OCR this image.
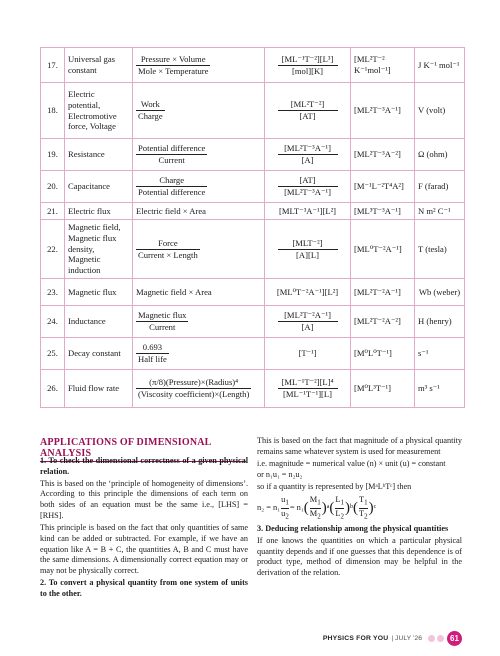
17.	Universal gas constant	$\frac{\text{Pressure × Volume}}{\text{Mole × Temperature}}$	$\frac{\text{[ML⁻¹T⁻²][L³]}}{\text{[mol][K]}}$	[ML²T⁻² K⁻¹mol⁻¹]	J K⁻¹ mol⁻¹
18.	Electric potential, Electromotive force, Voltage	$\frac{\text{Work}}{\text{Charge}}$	$\frac{\text{[ML²T⁻²]}}{[AT]}$	[ML²T⁻³A⁻¹]	V (volt)
19.	Resistance	$\frac{\text{Potential difference}}{\text{Current}}$	$\frac{\text{[ML²T⁻³A⁻¹]}}{[A]}$	[ML²T⁻³A⁻²]	Ω (ohm)
20.	Capacitance	$\frac{\text{Charge}}{\text{Potential difference}}$	$\frac{[AT]}{\text{[ML²T⁻³A⁻¹]}}$	[M⁻¹L⁻²T⁴A²]	F (farad)
21.	Electric flux	Electric field × Area	[MLT⁻³A⁻¹][L²]	[ML³T⁻³A⁻¹]	N m² C⁻¹
22.	Magnetic field, Magnetic flux density, Magnetic induction	$\frac{\text{Force}}{\text{Current × Length}}$	$\frac{\text{[MLT⁻²]}}{[A][L]}$	[ML⁰T⁻²A⁻¹]	T (tesla)
23.	Magnetic flux	Magnetic field × Area	[ML⁰T⁻²A⁻¹][L²]	[ML²T⁻²A⁻¹]	Wb (weber)
24.	Inductance	$\frac{\text{Magnetic flux}}{\text{Current}}$	$\frac{\text{[ML²T⁻²A⁻¹]}}{[A]}$	[ML²T⁻²A⁻²]	H (henry)
25.	Decay constant	$\frac{0.693}{\text{Half life}}$	[T⁻¹]	[M⁰L⁰T⁻¹]	s⁻¹
26.	Fluid flow rate	$\frac{\text{(π/8)(Pressure)×(Radius)⁴}}{\text{(Viscosity coefficient)×(Length)}}$	$\frac{\text{[ML⁻¹T⁻²][L]⁴}}{\text{[ML⁻¹T⁻¹][L]}}$	[M⁰L³T⁻¹]	m³ s⁻¹
APPLICATIONS OF DIMENSIONAL ANALYSIS

1. To check the dimensional correctness of a given physical relation.

This is based on the ‘principle of homogeneity of dimensions’. According to this principle the dimensions of each term on both sides of an equation must be the same i.e., [LHS] = [RHS].

This principle is based on the fact that only quantities of same kind can be added or subtracted. For example, if we have an equation like A = B + C, the quantities A, B and C must have the same dimensions. A dimensionally correct equation may or may not be physically correct.

2. To convert a physical quantity from one system of units to the other.

This is based on the fact that magnitude of a physical quantity remains same whatever system is used for measurement

i.e. magnitude = numerical value (n) × unit (u) = constant

or n₁u₁ = n₂u₂

so if a quantity is represented by [MᵃLᵇTᶜ] then

$n_2 = n_1 \frac{u_1}{u_2} = n_1$ ( $M_1$
$M_2$
) a ( $L_1$
$L_2$
) b ( $T_1$
$T_2$
) c

3. Deducing relationship among the physical quantities

If one knows the quantities on which a particular physical quantity depends and if one guesses that this dependence is of product type, method of dimension may be helpful in the derivation of the relation.

PHYSICS FOR YOU | JULY ’26	61
